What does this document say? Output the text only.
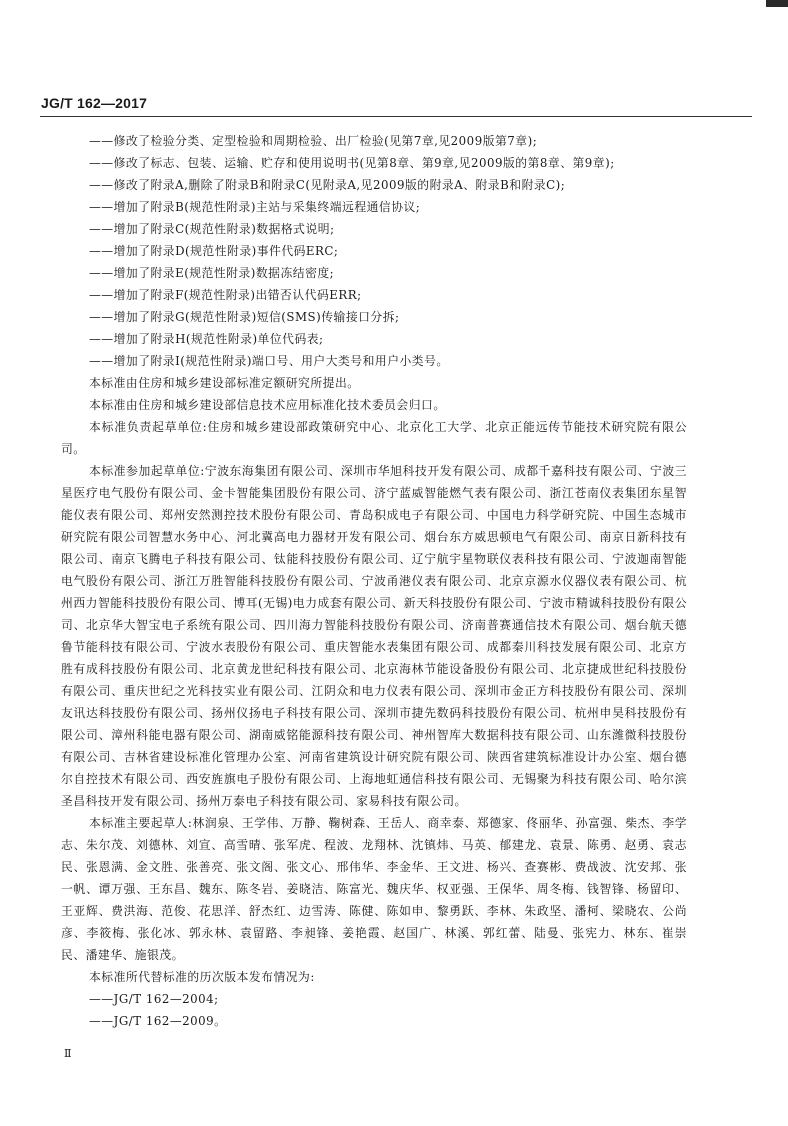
JG/T 162—2017
——修改了检验分类、定型检验和周期检验、出厂检验(见第7章,见2009版第7章);
——修改了标志、包装、运输、贮存和使用说明书(见第8章、第9章,见2009版的第8章、第9章);
——修改了附录A,删除了附录B和附录C(见附录A,见2009版的附录A、附录B和附录C);
——增加了附录B(规范性附录)主站与采集终端远程通信协议;
——增加了附录C(规范性附录)数据格式说明;
——增加了附录D(规范性附录)事件代码ERC;
——增加了附录E(规范性附录)数据冻结密度;
——增加了附录F(规范性附录)出错否认代码ERR;
——增加了附录G(规范性附录)短信(SMS)传输接口分拆;
——增加了附录H(规范性附录)单位代码表;
——增加了附录I(规范性附录)端口号、用户大类号和用户小类号。
本标准由住房和城乡建设部标准定额研究所提出。
本标准由住房和城乡建设部信息技术应用标准化技术委员会归口。
本标准负责起草单位:住房和城乡建设部政策研究中心、北京化工大学、北京正能远传节能技术研究院有限公司。
本标准参加起草单位:宁波东海集团有限公司、深圳市华旭科技开发有限公司、成都千嘉科技有限公司、宁波三星医疗电气股份有限公司、金卡智能集团股份有限公司、济宁蓝威智能燃气表有限公司、浙江苍南仪表集团东星智能仪表有限公司、郑州安然测控技术股份有限公司、青岛积成电子有限公司、中国电力科学研究院、中国生态城市研究院有限公司智慧水务中心、河北冀高电力器材开发有限公司、烟台东方威思顿电气有限公司、南京日新科技有限公司、南京飞腾电子科技有限公司、钛能科技股份有限公司、辽宁航宇星物联仪表科技有限公司、宁波迦南智能电气股份有限公司、浙江万胜智能科技股份有限公司、宁波甬港仪表有限公司、北京京源水仪器仪表有限公司、杭州西力智能科技股份有限公司、博耳(无锡)电力成套有限公司、新天科技股份有限公司、宁波市精诚科技股份有限公司、北京华大智宝电子系统有限公司、四川海力智能科技股份有限公司、济南普赛通信技术有限公司、烟台航天德鲁节能科技有限公司、宁波水表股份有限公司、重庆智能水表集团有限公司、成都秦川科技发展有限公司、北京方胜有成科技股份有限公司、北京黄龙世纪科技有限公司、北京海林节能设备股份有限公司、北京捷成世纪科技股份有限公司、重庆世纪之光科技实业有限公司、江阴众和电力仪表有限公司、深圳市金正方科技股份有限公司、深圳友讯达科技股份有限公司、扬州仪扬电子科技有限公司、深圳市捷先数码科技股份有限公司、杭州申昊科技股份有限公司、漳州科能电器有限公司、湖南威铭能源科技有限公司、神州智库大数据科技有限公司、山东潍微科技股份有限公司、吉林省建设标准化管理办公室、河南省建筑设计研究院有限公司、陕西省建筑标准设计办公室、烟台德尔自控技术有限公司、西安旌旗电子股份有限公司、上海地虹通信科技有限公司、无锡聚为科技有限公司、哈尔滨圣昌科技开发有限公司、扬州万泰电子科技有限公司、家易科技有限公司。
本标准主要起草人:林润泉、王学伟、万静、鞠树森、王岳人、商幸泰、郑德家、佟丽华、孙富强、柴杰、李学志、朱尔茂、刘德林、刘宣、高雪晴、张军虎、程波、龙翔林、沈镇炜、马英、郁建龙、袁景、陈勇、赵勇、袁志民、张恩满、金文胜、张善亮、张文阁、张文心、邢伟华、李金华、王文进、杨兴、查赛彬、费战波、沈安邦、张一帆、谭万强、王东昌、魏东、陈冬岩、姜晓洁、陈富光、魏庆华、权亚强、王保华、周冬梅、钱智锋、杨留印、王亚辉、费洪海、范俊、花思洋、舒杰红、边雪涛、陈健、陈如申、黎勇跃、李林、朱政坚、潘柯、梁晓农、公尚彦、李筱梅、张化冰、郭永林、袁留路、李昶锋、姜艳霞、赵国广、林溪、郭红蕾、陆曼、张宪力、林东、崔崇民、潘建华、施银茂。
本标准所代替标准的历次版本发布情况为:
——JG/T 162—2004;
——JG/T 162—2009。
Ⅱ
